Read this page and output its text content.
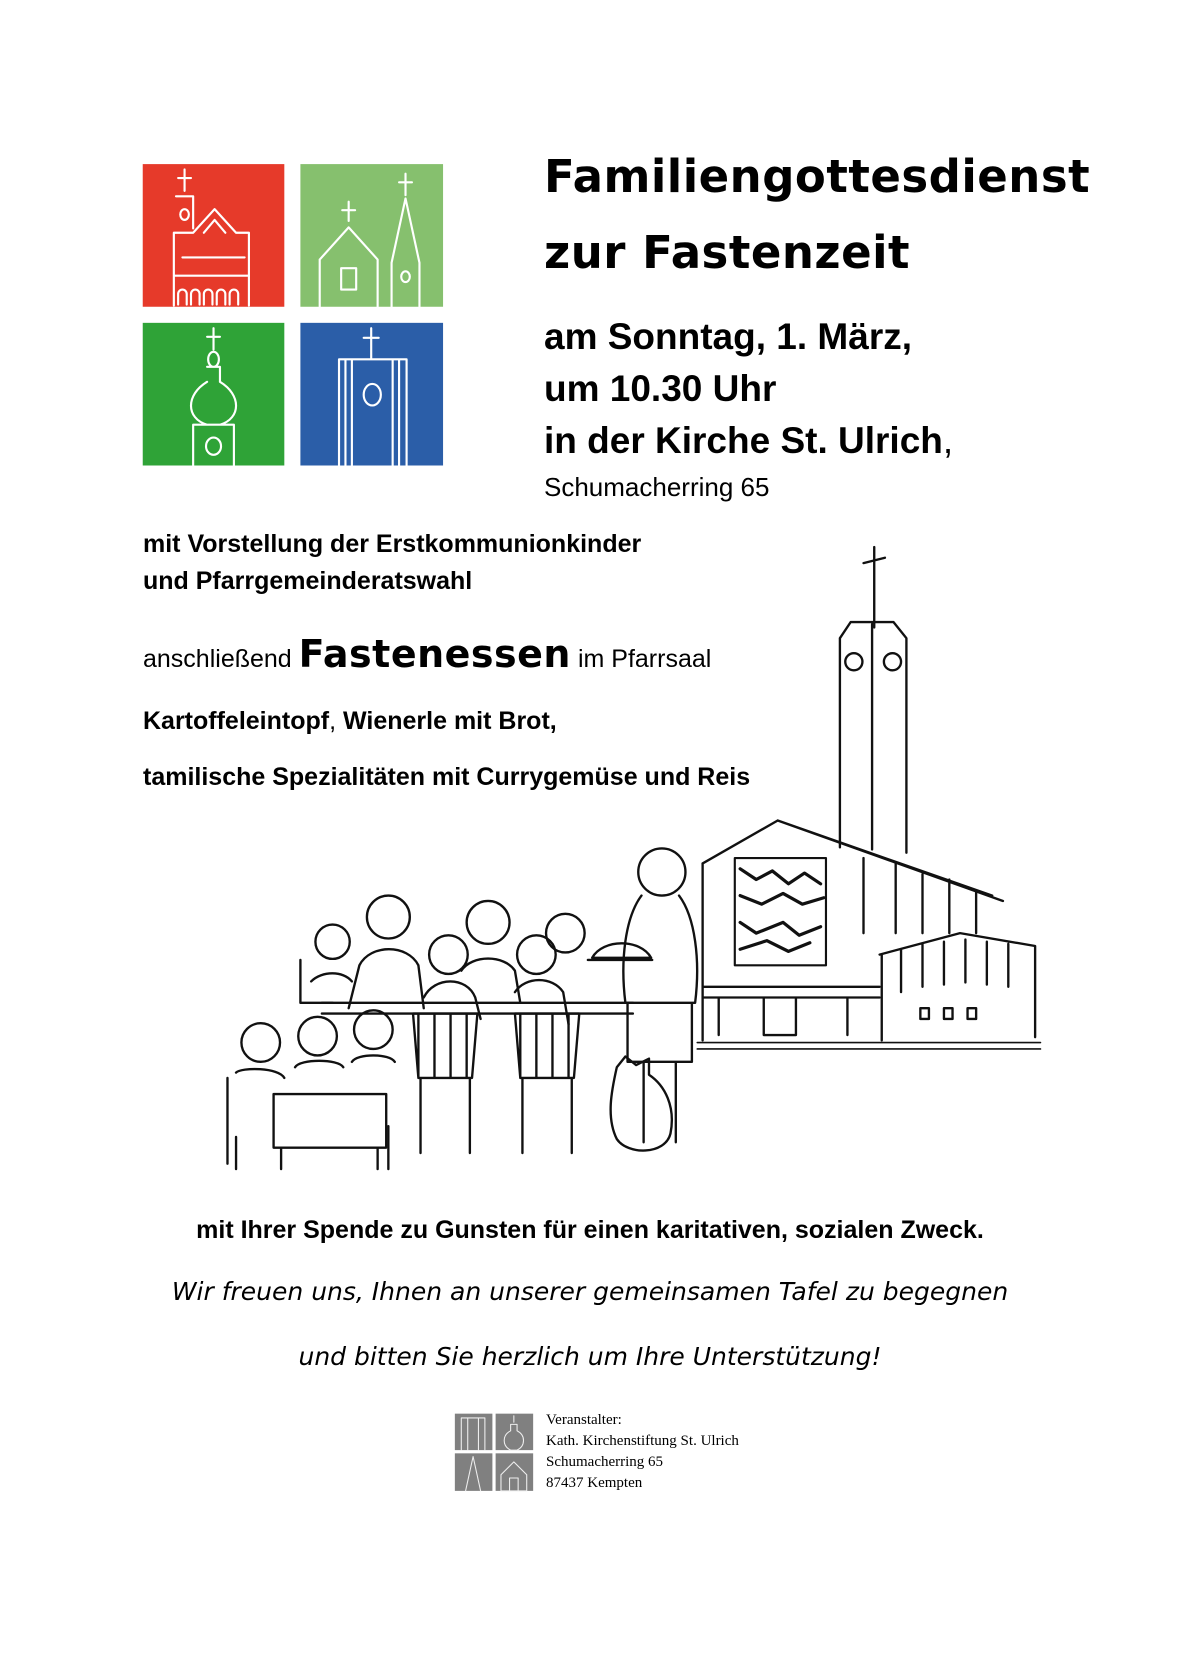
Familiengottesdienst
zur Fastenzeit
am Sonntag, 1. März,
um 10.30 Uhr
in der Kirche St. Ulrich,
Schumacherring 65
mit Vorstellung der Erstkommunionkinder
und Pfarrgemeinderatswahl
anschließend Fastenessen im Pfarrsaal
Kartoffeleintopf, Wienerle mit Brot,
tamilische Spezialitäten mit Currygemüse und Reis
mit Ihrer Spende zu Gunsten für einen karitativen, sozialen Zweck.
Wir freuen uns, Ihnen an unserer gemeinsamen Tafel zu begegnen
und bitten Sie herzlich um Ihre Unterstützung!
Veranstalter:
Kath. Kirchenstiftung St. Ulrich
Schumacherring 65
87437 Kempten
